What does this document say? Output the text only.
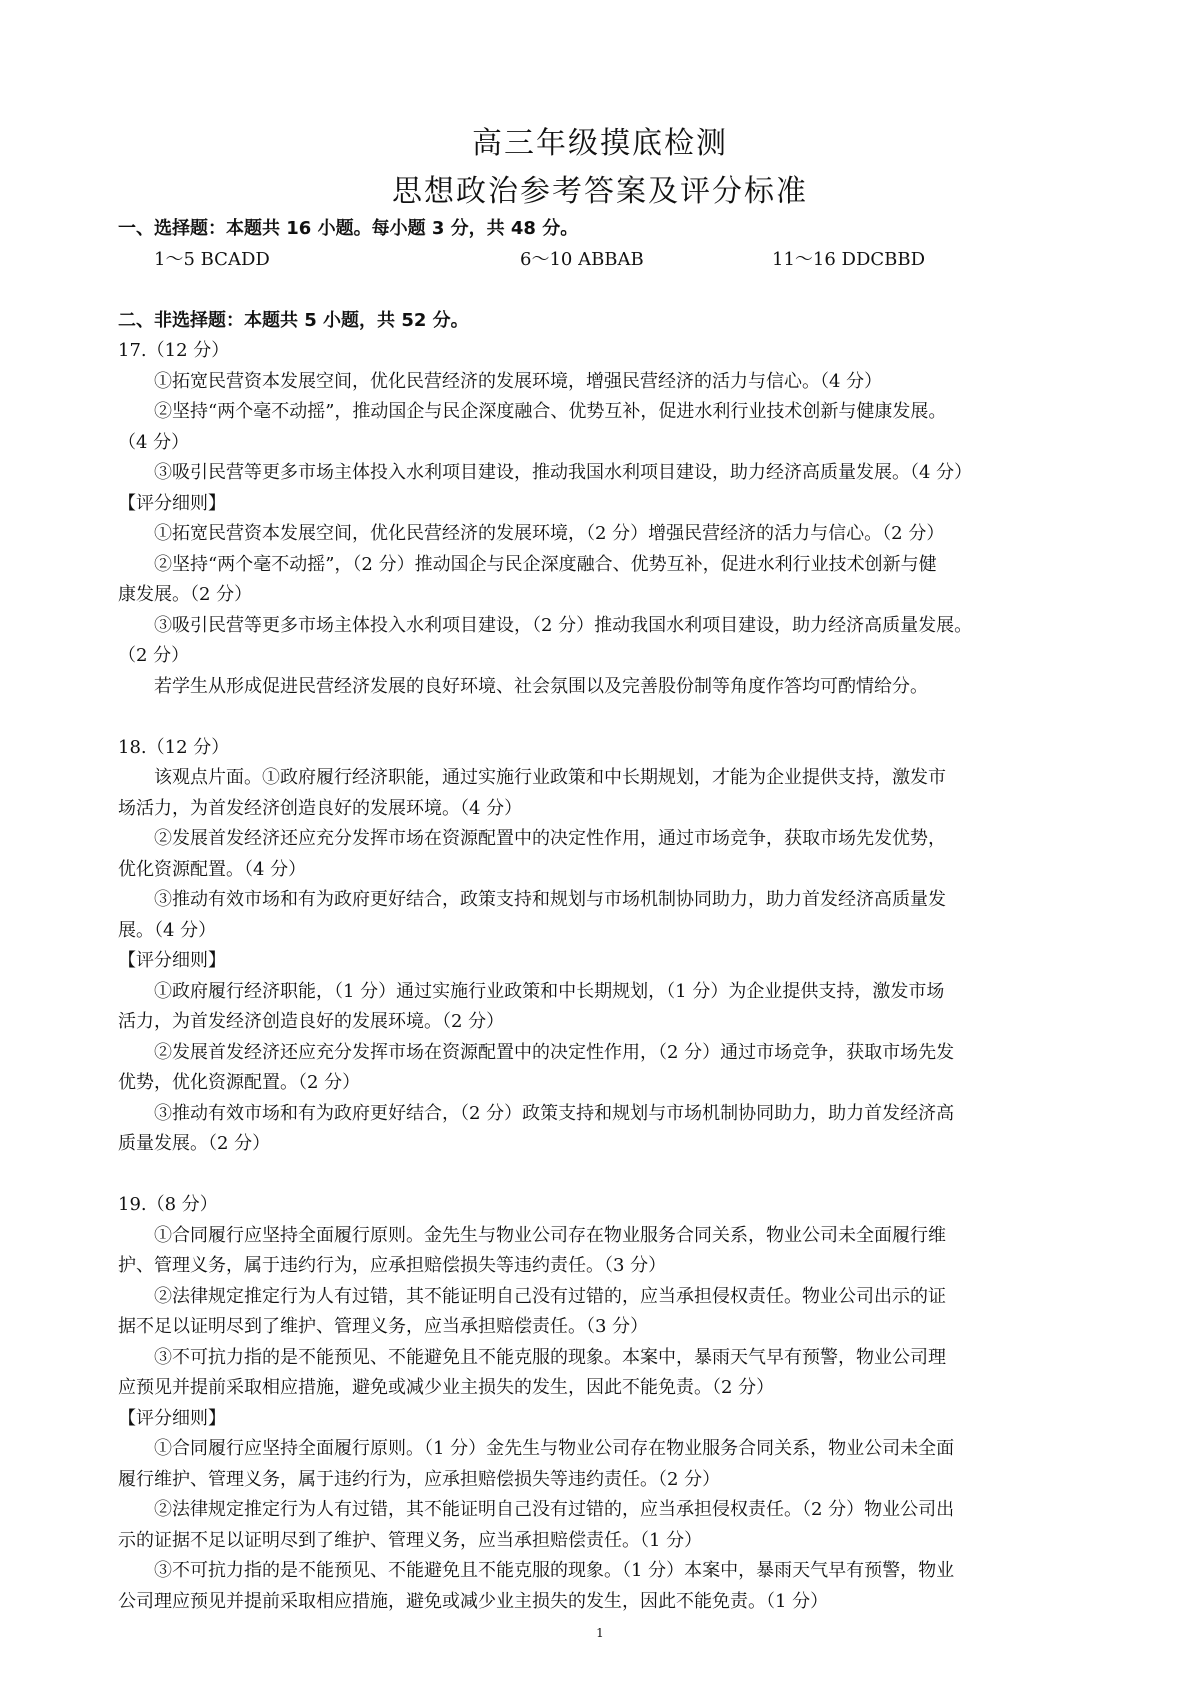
高三年级摸底检测
思想政治参考答案及评分标准
一、选择题：本题共 16 小题。每小题 3 分，共 48 分。
1～5 BCADD	6～10 ABBAB	11～16 DDCBBD
二、非选择题：本题共 5 小题，共 52 分。
17.（12 分）
①拓宽民营资本发展空间，优化民营经济的发展环境，增强民营经济的活力与信心。（4 分）
②坚持“两个毫不动摇”，推动国企与民企深度融合、优势互补，促进水利行业技术创新与健康发展。
（4 分）
③吸引民营等更多市场主体投入水利项目建设，推动我国水利项目建设，助力经济高质量发展。（4 分）
【评分细则】
①拓宽民营资本发展空间，优化民营经济的发展环境，（2 分）增强民营经济的活力与信心。（2 分）
②坚持“两个毫不动摇”，（2 分）推动国企与民企深度融合、优势互补，促进水利行业技术创新与健
康发展。（2 分）
③吸引民营等更多市场主体投入水利项目建设，（2 分）推动我国水利项目建设，助力经济高质量发展。
（2 分）
若学生从形成促进民营经济发展的良好环境、社会氛围以及完善股份制等角度作答均可酌情给分。
18.（12 分）
该观点片面。①政府履行经济职能，通过实施行业政策和中长期规划，才能为企业提供支持，激发市
场活力，为首发经济创造良好的发展环境。（4 分）
②发展首发经济还应充分发挥市场在资源配置中的决定性作用，通过市场竞争，获取市场先发优势，
优化资源配置。（4 分）
③推动有效市场和有为政府更好结合，政策支持和规划与市场机制协同助力，助力首发经济高质量发
展。（4 分）
【评分细则】
①政府履行经济职能，（1 分）通过实施行业政策和中长期规划，（1 分）为企业提供支持，激发市场
活力，为首发经济创造良好的发展环境。（2 分）
②发展首发经济还应充分发挥市场在资源配置中的决定性作用，（2 分）通过市场竞争，获取市场先发
优势，优化资源配置。（2 分）
③推动有效市场和有为政府更好结合，（2 分）政策支持和规划与市场机制协同助力，助力首发经济高
质量发展。（2 分）
19.（8 分）
①合同履行应坚持全面履行原则。金先生与物业公司存在物业服务合同关系，物业公司未全面履行维
护、管理义务，属于违约行为，应承担赔偿损失等违约责任。（3 分）
②法律规定推定行为人有过错，其不能证明自己没有过错的，应当承担侵权责任。物业公司出示的证
据不足以证明尽到了维护、管理义务，应当承担赔偿责任。（3 分）
③不可抗力指的是不能预见、不能避免且不能克服的现象。本案中，暴雨天气早有预警，物业公司理
应预见并提前采取相应措施，避免或减少业主损失的发生，因此不能免责。（2 分）
【评分细则】
①合同履行应坚持全面履行原则。（1 分）金先生与物业公司存在物业服务合同关系，物业公司未全面
履行维护、管理义务，属于违约行为，应承担赔偿损失等违约责任。（2 分）
②法律规定推定行为人有过错，其不能证明自己没有过错的，应当承担侵权责任。（2 分）物业公司出
示的证据不足以证明尽到了维护、管理义务，应当承担赔偿责任。（1 分）
③不可抗力指的是不能预见、不能避免且不能克服的现象。（1 分）本案中，暴雨天气早有预警，物业
公司理应预见并提前采取相应措施，避免或减少业主损失的发生，因此不能免责。（1 分）
1
